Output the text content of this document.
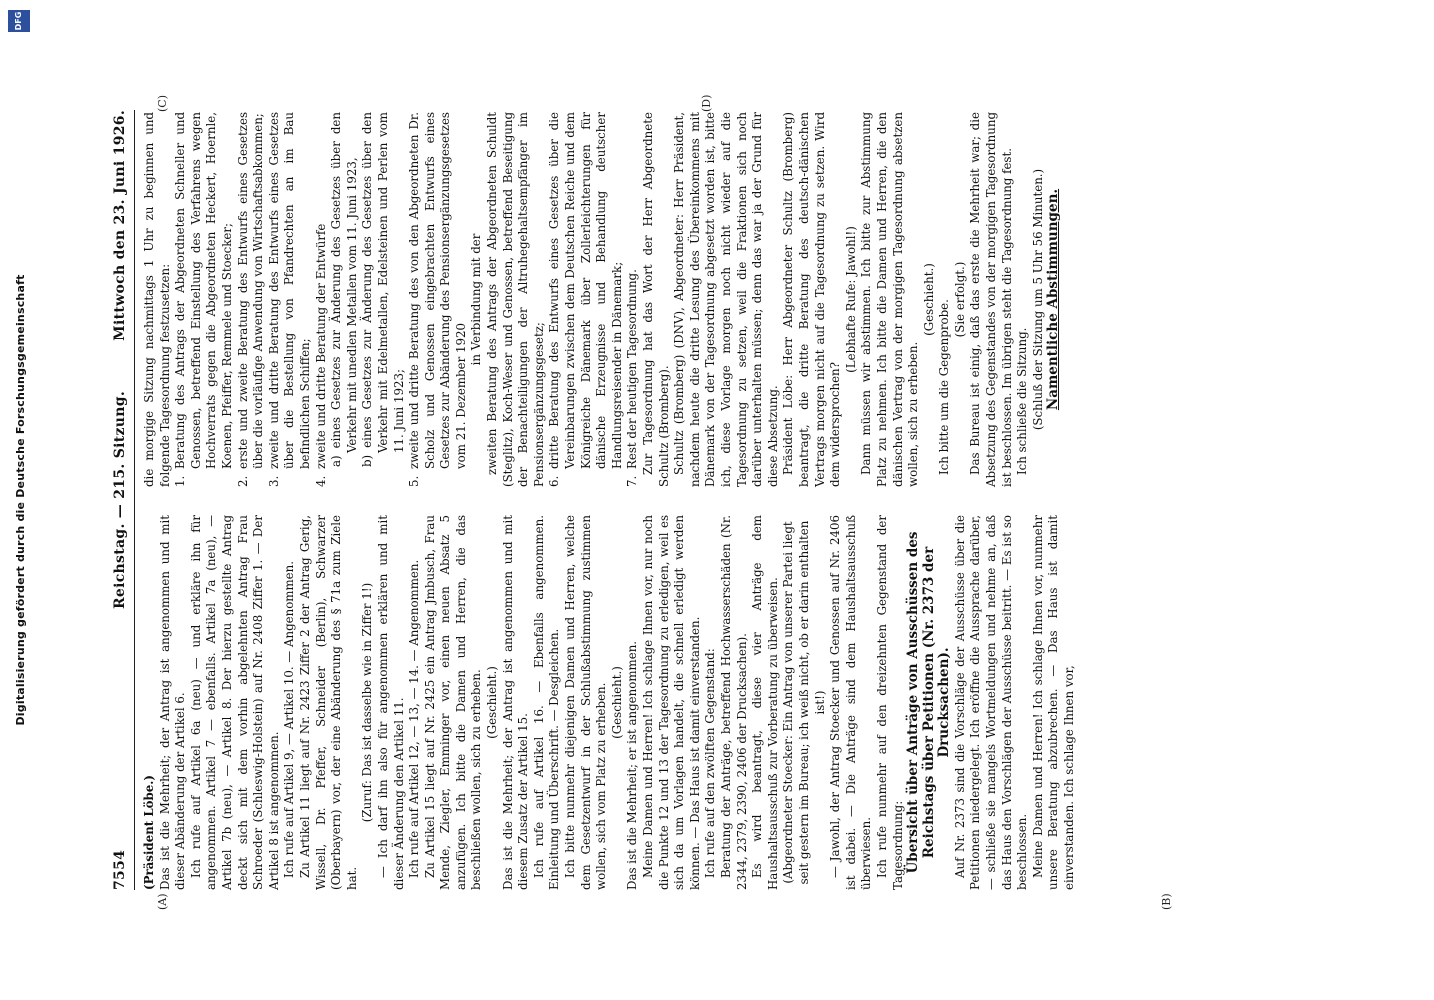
7554
Reichstag. — 215. Sitzung.
Mittwoch den 23. Juni 1926.
(A)	(B)
(C)	(D)

(Präsident Löbe.) Das ist die Mehrheit; der Antrag ist angenommen und mit dieser Abänderung der Artikel 6. Ich rufe auf Artikel 6a (neu) — und erkläre ihn für angenommen. Artikel 7 — ebenfalls. Artikel 7a (neu), — Artikel 7b (neu), — Artikel 8. Der hierzu gestellte Antrag deckt sich mit dem vorhin abgelehnten Antrag Frau Schroeder (Schleswig-Holstein) auf Nr. 2408 Ziffer 1. — Der Artikel 8 ist angenommen. Ich rufe auf Artikel 9, — Artikel 10. — Angenommen. Zu Artikel 11 liegt auf Nr. 2423 Ziffer 2 der Antrag Gerig, Wissell, Dr. Pfeffer, Schneider (Berlin), Schwarzer (Oberbayern) vor, der eine Abänderung des § 71a zum Ziele hat.

(Zuruf: Das ist dasselbe wie in Ziffer 1!) — Ich darf ihn also für angenommen erklären und mit dieser Änderung den Artikel 11. Ich rufe auf Artikel 12, — 13, — 14. — Angenommen. Zu Artikel 15 liegt auf Nr. 2425 ein Antrag Jmbusch, Frau Mende, Ziegler, Emminger vor, einen neuen Absatz 5 anzufügen. Ich bitte die Damen und Herren, die das beschließen wollen, sich zu erheben. (Geschieht.) Das ist die Mehrheit; der Antrag ist angenommen und mit diesem Zusatz der Artikel 15. Ich rufe auf Artikel 16. — Ebenfalls angenommen. Einleitung und Überschrift. — Desgleichen. Ich bitte nunmehr diejenigen Damen und Herren, welche dem Gesetzentwurf in der Schlußabstimmung zustimmen wollen, sich vom Platz zu erheben. (Geschieht.) Das ist die Mehrheit; er ist angenommen. Meine Damen und Herren! Ich schlage Ihnen vor, nur noch die Punkte 12 und 13 der Tagesordnung zu erledigen, weil es sich da um Vorlagen handelt, die schnell erledigt werden können. — Das Haus ist damit einverstanden. Ich rufe auf den zwölften Gegenstand: Beratung der Anträge, betreffend Hochwasserschäden (Nr. 2344, 2379, 2390, 2406 der Drucksachen). Es wird beantragt, diese vier Anträge dem Haushaltsausschuß zur Vorberatung zu überweisen. (Abgeordneter Stoecker: Ein Antrag von unserer Partei liegt seit gestern im Bureau; ich weiß nicht, ob er darin enthalten ist!) — Jawohl, der Antrag Stoecker und Genossen auf Nr. 2406 ist dabei. — Die Anträge sind dem Haushaltsausschuß überwiesen. Ich rufe nunmehr auf den dreizehnten Gegenstand der Tagesordnung: Übersicht über Anträge von Ausschüssen des Reichstags über Petitionen (Nr. 2373 der Drucksachen). Auf Nr. 2373 sind die Vorschläge der Ausschüsse über die Petitionen niedergelegt. Ich eröffne die Aussprache darüber, — schließe sie mangels Wortmeldungen und nehme an, daß das Haus den Vorschlägen der Ausschüsse beitritt. — Es ist so beschlossen. Meine Damen und Herren! Ich schlage Ihnen vor, nunmehr unsere Beratung abzubrechen. — Das Haus ist damit einverstanden. Ich schlage Ihnen vor,

die morgige Sitzung nachmittags 1 Uhr zu beginnen und folgende Tagesordnung festzusetzen: 1.Beratung des Antrags der Abgeordneten Schneller und Genossen, betreffend Einstellung des Verfahrens wegen Hochverrats gegen die Abgeordneten Heckert, Hoernle, Koenen, Pfeiffer, Remmele und Stoecker;
2.erste und zweite Beratung des Entwurfs eines Gesetzes über die vorläufige Anwendung von Wirtschaftsabkommen;
3.zweite und dritte Beratung des Entwurfs eines Gesetzes über die Bestellung von Pfandrechten an im Bau befindlichen Schiffen;
4.zweite und dritte Beratung der Entwürfe a) eines Gesetzes zur Änderung des Gesetzes über den Verkehr mit unedlen Metallen vom 11. Juni 1923, b) eines Gesetzes zur Änderung des Gesetzes über den Verkehr mit Edelmetallen, Edelsteinen und Perlen vom 11. Juni 1923;

5.zweite und dritte Beratung des von den Abgeordneten Dr. Scholz und Genossen eingebrachten Entwurfs eines Gesetzes zur Abänderung des Pensionsergänzungsgesetzes vom 21. Dezember 1920

in Verbindung mit der zweiten Beratung des Antrags der Abgeordneten Schuldt (Steglitz), Koch-Weser und Genossen, betreffend Beseitigung der Benachteiligungen der Altruhegehaltsempfänger im Pensionsergänzungsgesetz; 6.dritte Beratung des Entwurfs eines Gesetzes über die Vereinbarungen zwischen dem Deutschen Reiche und dem Königreiche Dänemark über Zollerleichterungen für dänische Erzeugnisse und Behandlung deutscher Handlungsreisender in Dänemark;
7.Rest der heutigen Tagesordnung. Zur Tagesordnung hat das Wort der Herr Abgeordnete Schultz (Bromberg). Schultz (Bromberg) (DNV), Abgeordneter: Herr Präsident, nachdem heute die dritte Lesung des Übereinkommens mit Dänemark von der Tagesordnung abgesetzt worden ist, bitte ich, diese Vorlage morgen noch nicht wieder auf die Tagesordnung zu setzen, weil die Fraktionen sich noch darüber unterhalten müssen; denn das war ja der Grund für diese Absetzung. Präsident Löbe: Herr Abgeordneter Schultz (Bromberg) beantragt, die dritte Beratung des deutsch-dänischen Vertrags morgen nicht auf die Tagesordnung zu setzen. Wird dem widersprochen?

(Lebhafte Rufe: Jawohl!) Dann müssen wir abstimmen. Ich bitte zur Abstimmung Platz zu nehmen. Ich bitte die Damen und Herren, die den dänischen Vertrag von der morgigen Tagesordnung absetzen wollen, sich zu erheben.

(Geschieht.) Ich bitte um die Gegenprobe. (Sie erfolgt.) Das Bureau ist einig, daß das erste die Mehrheit war; die Absetzung des Gegenstandes von der morgigen Tagesordnung ist beschlossen. Im übrigen steht die Tagesordnung fest. Ich schließe die Sitzung. (Schluß der Sitzung um 5 Uhr 56 Minuten.) Namentliche Abstimmungen.

Digitalisierung gefördert durch die Deutsche Forschungsgemeinschaft
DFG
